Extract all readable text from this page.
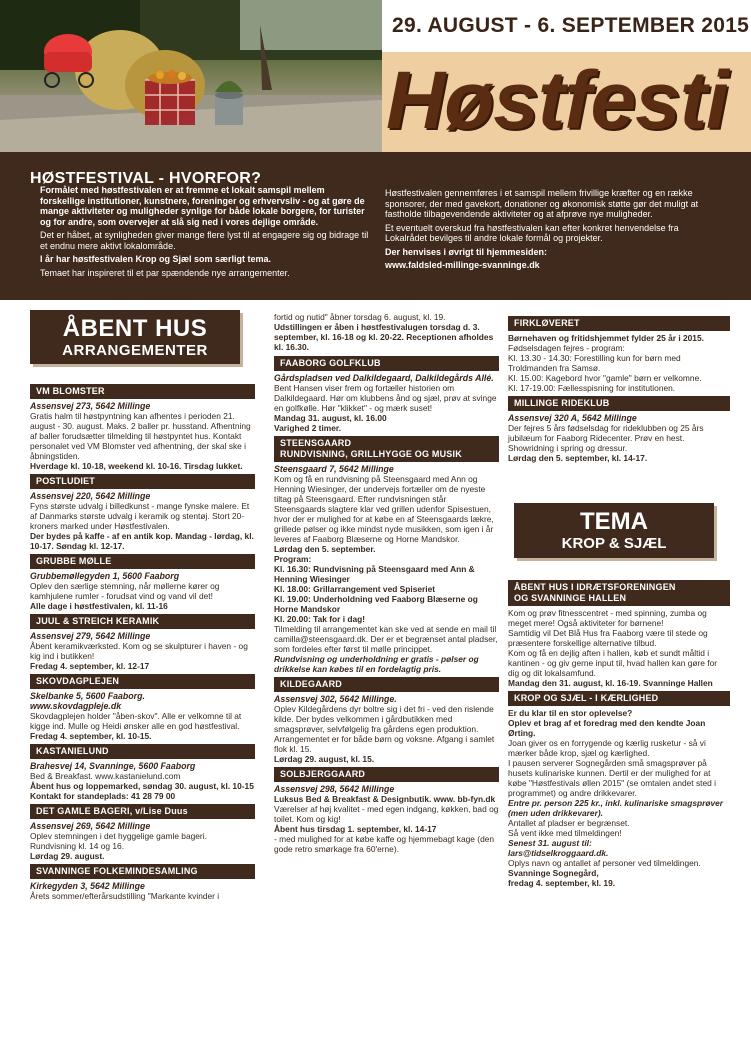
29. AUGUST - 6. SEPTEMBER 2015
Høstfesti
HØSTFESTIVAL - HVORFOR?
Formålet med høstfestivalen er at fremme et lokalt samspil mellem forskellige institutioner, kunstnere, foreninger og erhvervsliv - og at gøre de mange aktiviteter og muligheder synlige for både lokale borgere, for turister og for andre, som overvejer at slå sig ned i vores dejlige område.
Det er håbet, at synligheden giver mange flere lyst til at engagere sig og bidrage til et endnu mere aktivt lokalområde.
I år har høstfestivalen Krop og Sjæl som særligt tema.
Temaet har inspireret til et par spændende nye arrangementer.
Høstfestivalen gennemføres i et samspil mellem frivillige kræfter og en række sponsorer, der med gavekort, donationer og økonomisk støtte gør det muligt at fastholde tilbagevendende aktiviteter og at afprøve nye muligheder.
Et eventuelt overskud fra høstfestivalen kan efter konkret henvendelse fra Lokalrådet bevilges til andre lokale formål og projekter.
Der henvises i øvrigt til hjemmesiden:
www.faldsled-millinge-svanninge.dk
ÅBENT HUS
ARRANGEMENTER
VM BLOMSTER
Assensvej 273, 5642 Millinge
Gratis halm til høstpyntning kan afhentes i perioden 21. august - 30. august. Maks. 2 baller pr. husstand. Afhentning af baller forudsætter tilmelding til høstpyntet hus. Kontakt personalet ved VM Blomster ved afhentning, der skal ske i åbningstiden.
Hverdage kl. 10-18, weekend kl. 10-16. Tirsdag lukket.
POSTLUDIET
Assensvej 220, 5642 Millinge
Fyns største udvalg i billedkunst - mange fynske malere. Et af Danmarks største udvalg i keramik og stentøj. Stort 20-kroners marked under Høstfestivalen.
Der bydes på kaffe - af en antik kop. Mandag - lørdag, kl. 10-17. Søndag kl. 12-17.
GRUBBE MØLLE
Grubbemøllegyden 1, 5600 Faaborg
Oplev den særlige stemning, når møllerne kører og kamhjulene rumler - forudsat vind og vand vil det!
Alle dage i høstfestivalen, kl. 11-16
JUUL & STREICH KERAMIK
Assensvej 279, 5642 Millinge
Åbent keramikværksted. Kom og se skulpturer i haven - og kig ind i butikken!
Fredag 4. september, kl. 12-17
SKOVDAGPLEJEN
Skelbanke 5, 5600 Faaborg.
www.skovdagpleje.dk
Skovdagplejen holder "åben-skov". Alle er velkomne til at kigge ind. Mulle og Heidi ønsker alle en god høstfestival.
Fredag 4. september, kl. 10-15.
KASTANIELUND
Brahesvej 14, Svanninge, 5600 Faaborg
Bed & Breakfast. www.kastanielund.com
Åbent hus og loppemarked, søndag 30. august, kl. 10-15
Kontakt for standeplads: 41 28 79 00
DET GAMLE BAGERI, v/Lise Duus
Assensvej 269, 5642 Millinge
Oplev stemningen i det hyggelige gamle bageri. Rundvisning kl. 14 og 16.
Lørdag 29. august.
SVANNINGE FOLKEMINDESAMLING
Kirkegyden 3, 5642 Millinge
Årets sommer/efterårsudstilling "Markante kvinder i
fortid og nutid" åbner torsdag 6. august, kl. 19.
Udstillingen er åben i høstfestivalugen torsdag d. 3. september, kl. 16-18 og kl. 20-22. Receptionen afholdes kl. 16.30.
FAABORG GOLFKLUB
Gårdspladsen ved Dalkildegaard, Dalkildegårds Allé.
Bent Hansen viser frem og fortæller historien om Dalkildegaard. Hør om klubbens ånd og sjæl, prøv at svinge en golfkølle. Hør "klikket" - og mærk suset!
Mandag 31. august, kl. 16.00
Varighed 2 timer.
STEENSGAARD
RUNDVISNING, GRILLHYGGE OG MUSIK
Steensgaard 7, 5642 Millinge
Kom og få en rundvisning på Steensgaard med Ann og Henning Wiesinger, der undervejs fortæller om de nyeste tiltag på Steensgaard. Efter rundvisningen står Steensgaards slagtere klar ved grillen udenfor Spisestuen, hvor der er mulighed for at købe en af Steensgaards lækre, grillede pølser og ikke mindst nyde musikken, som igen i år leveres af Faaborg Blæserne og Horne Mandskor.
Lørdag den 5. september.
Program:
Kl. 16.30: Rundvisning på Steensgaard med Ann & Henning Wiesinger
Kl. 18.00: Grillarrangement ved Spiseriet
Kl. 19.00: Underholdning ved Faaborg Blæserne og Horne Mandskor
Kl. 20.00: Tak for i dag!
Tilmelding til arrangementet kan ske ved at sende en mail til camilla@steensgaard.dk. Der er et begrænset antal pladser, som fordeles efter først til mølle princippet.
Rundvisning og underholdning er gratis - pølser og drikkelse kan købes til en fordelagtig pris.
KILDEGAARD
Assensvej 302, 5642 Millinge.
Oplev Kildegårdens dyr boltre sig i det fri - ved den rislende kilde. Der bydes velkommen i gårdbutikken med smagsprøver, selvfølgelig fra gårdens egen produktion. Arrangementet er for både børn og voksne. Afgang i samlet flok kl. 15.
Lørdag 29. august, kl. 15.
SOLBJERGGAARD
Assensvej 298, 5642 Millinge
Luksus Bed & Breakfast & Designbutik. www. bb-fyn.dk
Værelser af høj kvalitet - med egen indgang, køkken, bad og toilet. Kom og kig!
Åbent hus tirsdag 1. september, kl. 14-17
- med mulighed for at købe kaffe og hjemmebagt kage (den gode retro smørkage fra 60'erne).
FIRKLØVERET
Børnehaven og fritidshjemmet fylder 25 år i 2015.
Fødselsdagen fejres - program:
Kl. 13.30 - 14.30: Forestilling kun for børn med Troldmanden fra Samsø.
Kl. 15.00: Kagebord hvor "gamle" børn er velkomne.
Kl. 17-19.00: Fællesspisning for institutionen.
MILLINGE RIDEKLUB
Assensvej 320 A, 5642 Millinge
Der fejres 5 års fødselsdag for rideklubben og 25 års jubilæum for Faaborg Ridecenter. Prøv en hest. Showridning i spring og dressur.
Lørdag den 5. september, kl. 14-17.
TEMA
KROP & SJÆL
ÅBENT HUS I IDRÆTSFORENINGEN
OG SVANNINGE HALLEN
Kom og prøv fitnesscentret - med spinning, zumba og meget mere! Også aktiviteter for børnene!
Samtidig vil Det Blå Hus fra Faaborg være til stede og præsentere forskellige alternative tilbud.
Kom og få en dejlig aften i hallen, køb et sundt måltid i kantinen - og giv gerne input til, hvad hallen kan gøre for dig og dit lokalsamfund.
Mandag den 31. august, kl. 16-19. Svanninge Hallen
KROP OG SJÆL - I KÆRLIGHED
Er du klar til en stor oplevelse?
Oplev et brag af et foredrag med den kendte Joan Ørting.
Joan giver os en forrygende og kærlig rusketur - så vi mærker både krop, sjæl og kærlighed.
I pausen serverer Sognegården små smagsprøver på husets kulinariske kunnen. Dertil er der mulighed for at købe "Høstfestivals øllen 2015" (se omtalen andet sted i programmet) og andre drikkevarer.
Entre pr. person 225 kr., inkl. kulinariske smagsprøver (men uden drikkevarer).
Antallet af pladser er begrænset.
Så vent ikke med tilmeldingen!
Senest 31. august til:
lars@tidselkroggaard.dk.
Oplys navn og antallet af personer ved tilmeldingen.
Svanninge Sognegård,
fredag 4. september, kl. 19.
